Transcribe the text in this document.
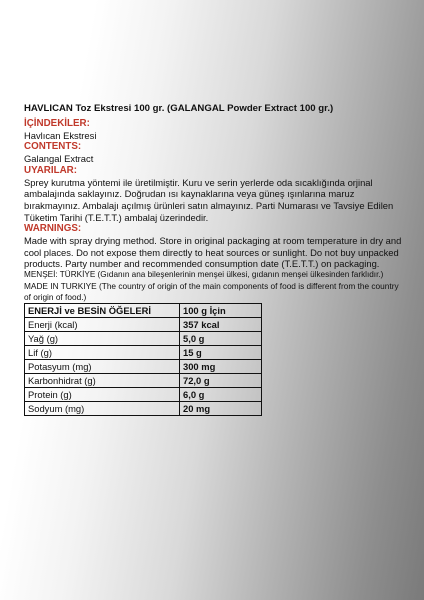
HAVLICAN Toz Ekstresi 100 gr. (GALANGAL Powder Extract 100 gr.)
İÇİNDEKİLER:
Havlıcan Ekstresi
CONTENTS:
Galangal Extract
UYARILAR:
Sprey kurutma yöntemi ile üretilmiştir. Kuru ve serin yerlerde oda sıcaklığında orjinal ambalajında saklayınız. Doğrudan ısı kaynaklarına veya güneş ışınlarına maruz bırakmayınız. Ambalajı açılmış ürünleri satın almayınız. Parti Numarası ve Tavsiye Edilen Tüketim Tarihi (T.E.T.T.) ambalaj üzerindedir.
WARNINGS:
Made with spray drying method. Store in original packaging at room temperature in dry and cool places. Do not expose them directly to heat sources or sunlight. Do not buy unpacked products. Party number and recommended consumption date (T.E.T.T.) on packaging.
MENŞEİ: TÜRKİYE (Gıdanın ana bileşenlerinin menşei ülkesi, gıdanın menşei ülkesinden farklıdır.)
MADE IN TURKIYE (The country of origin of the main components of food is different from the country of origin of food.)
ENERJİ ve BESİN ÖĞELERİ	100 g İçin
Enerji (kcal)	357 kcal
Yağ (g)	5,0 g
Lif (g)	15 g
Potasyum (mg)	300 mg
Karbonhidrat (g)	72,0 g
Protein (g)	6,0 g
Sodyum (mg)	20 mg
